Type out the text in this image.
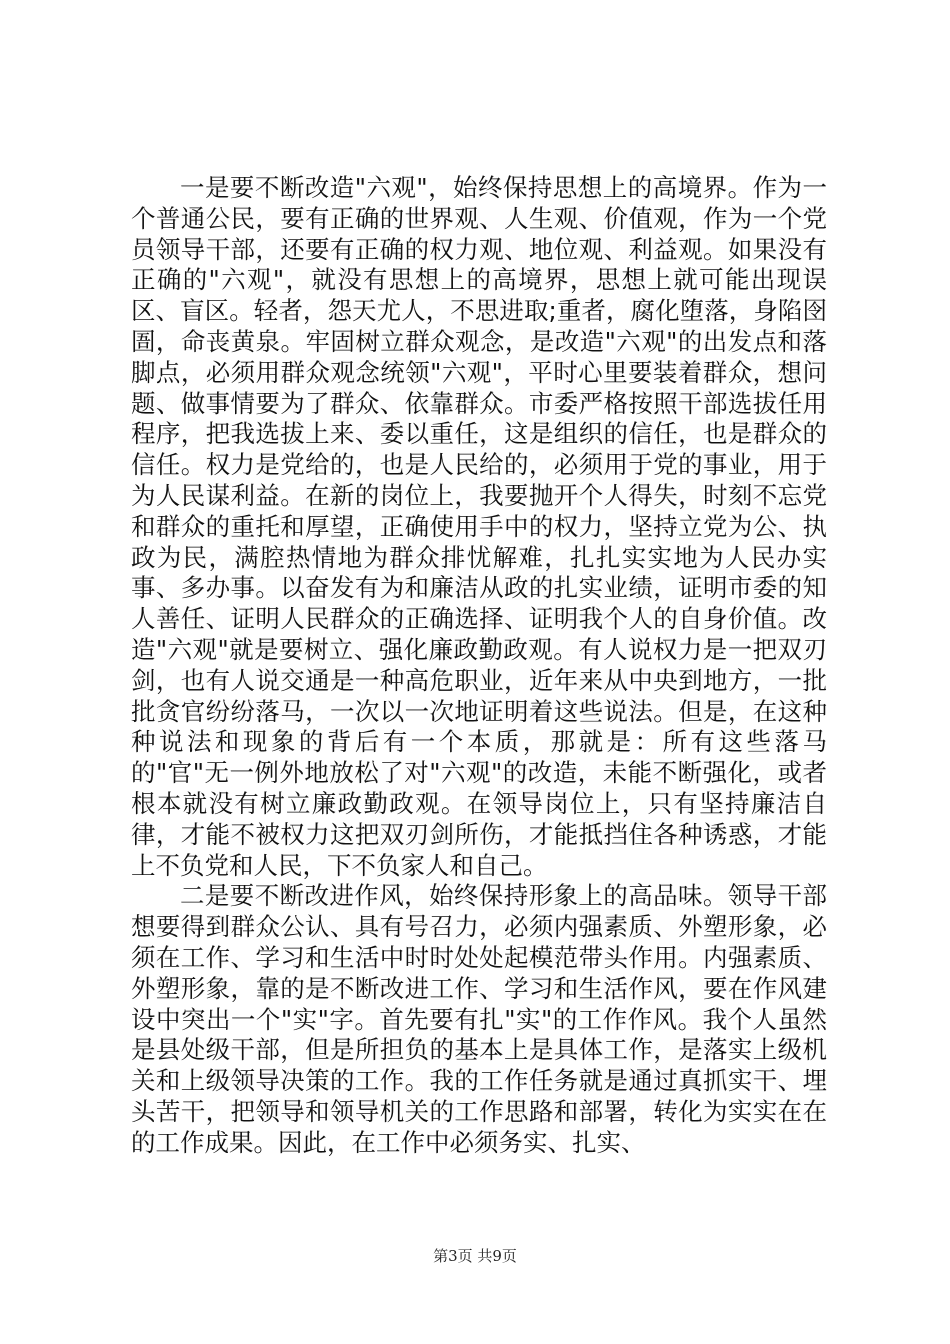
一是要不断改造"六观"，始终保持思想上的高境界。作为一个普通公民，要有正确的世界观、人生观、价值观，作为一个党员领导干部，还要有正确的权力观、地位观、利益观。如果没有正确的"六观"，就没有思想上的高境界，思想上就可能出现误区、盲区。轻者，怨天尤人，不思进取;重者，腐化堕落，身陷囹圄，命丧黄泉。牢固树立群众观念，是改造"六观"的出发点和落脚点，必须用群众观念统领"六观"，平时心里要装着群众，想问题、做事情要为了群众、依靠群众。市委严格按照干部选拔任用程序，把我选拔上来、委以重任，这是组织的信任，也是群众的信任。权力是党给的，也是人民给的，必须用于党的事业，用于为人民谋利益。在新的岗位上，我要抛开个人得失，时刻不忘党和群众的重托和厚望，正确使用手中的权力，坚持立党为公、执政为民，满腔热情地为群众排忧解难，扎扎实实地为人民办实事、多办事。以奋发有为和廉洁从政的扎实业绩，证明市委的知人善任、证明人民群众的正确选择、证明我个人的自身价值。改造"六观"就是要树立、强化廉政勤政观。有人说权力是一把双刃剑，也有人说交通是一种高危职业，近年来从中央到地方，一批批贪官纷纷落马，一次以一次地证明着这些说法。但是，在这种种说法和现象的背后有一个本质，那就是：所有这些落马的"官"无一例外地放松了对"六观"的改造，未能不断强化，或者根本就没有树立廉政勤政观。在领导岗位上，只有坚持廉洁自律，才能不被权力这把双刃剑所伤，才能抵挡住各种诱惑，才能上不负党和人民，下不负家人和自己。

二是要不断改进作风，始终保持形象上的高品味。领导干部想要得到群众公认、具有号召力，必须内强素质、外塑形象，必须在工作、学习和生活中时时处处起模范带头作用。内强素质、外塑形象，靠的是不断改进工作、学习和生活作风，要在作风建设中突出一个"实"字。首先要有扎"实"的工作作风。我个人虽然是县处级干部，但是所担负的基本上是具体工作，是落实上级机关和上级领导决策的工作。我的工作任务就是通过真抓实干、埋头苦干，把领导和领导机关的工作思路和部署，转化为实实在在的工作成果。因此，在工作中必须务实、扎实、

第3页 共9页
